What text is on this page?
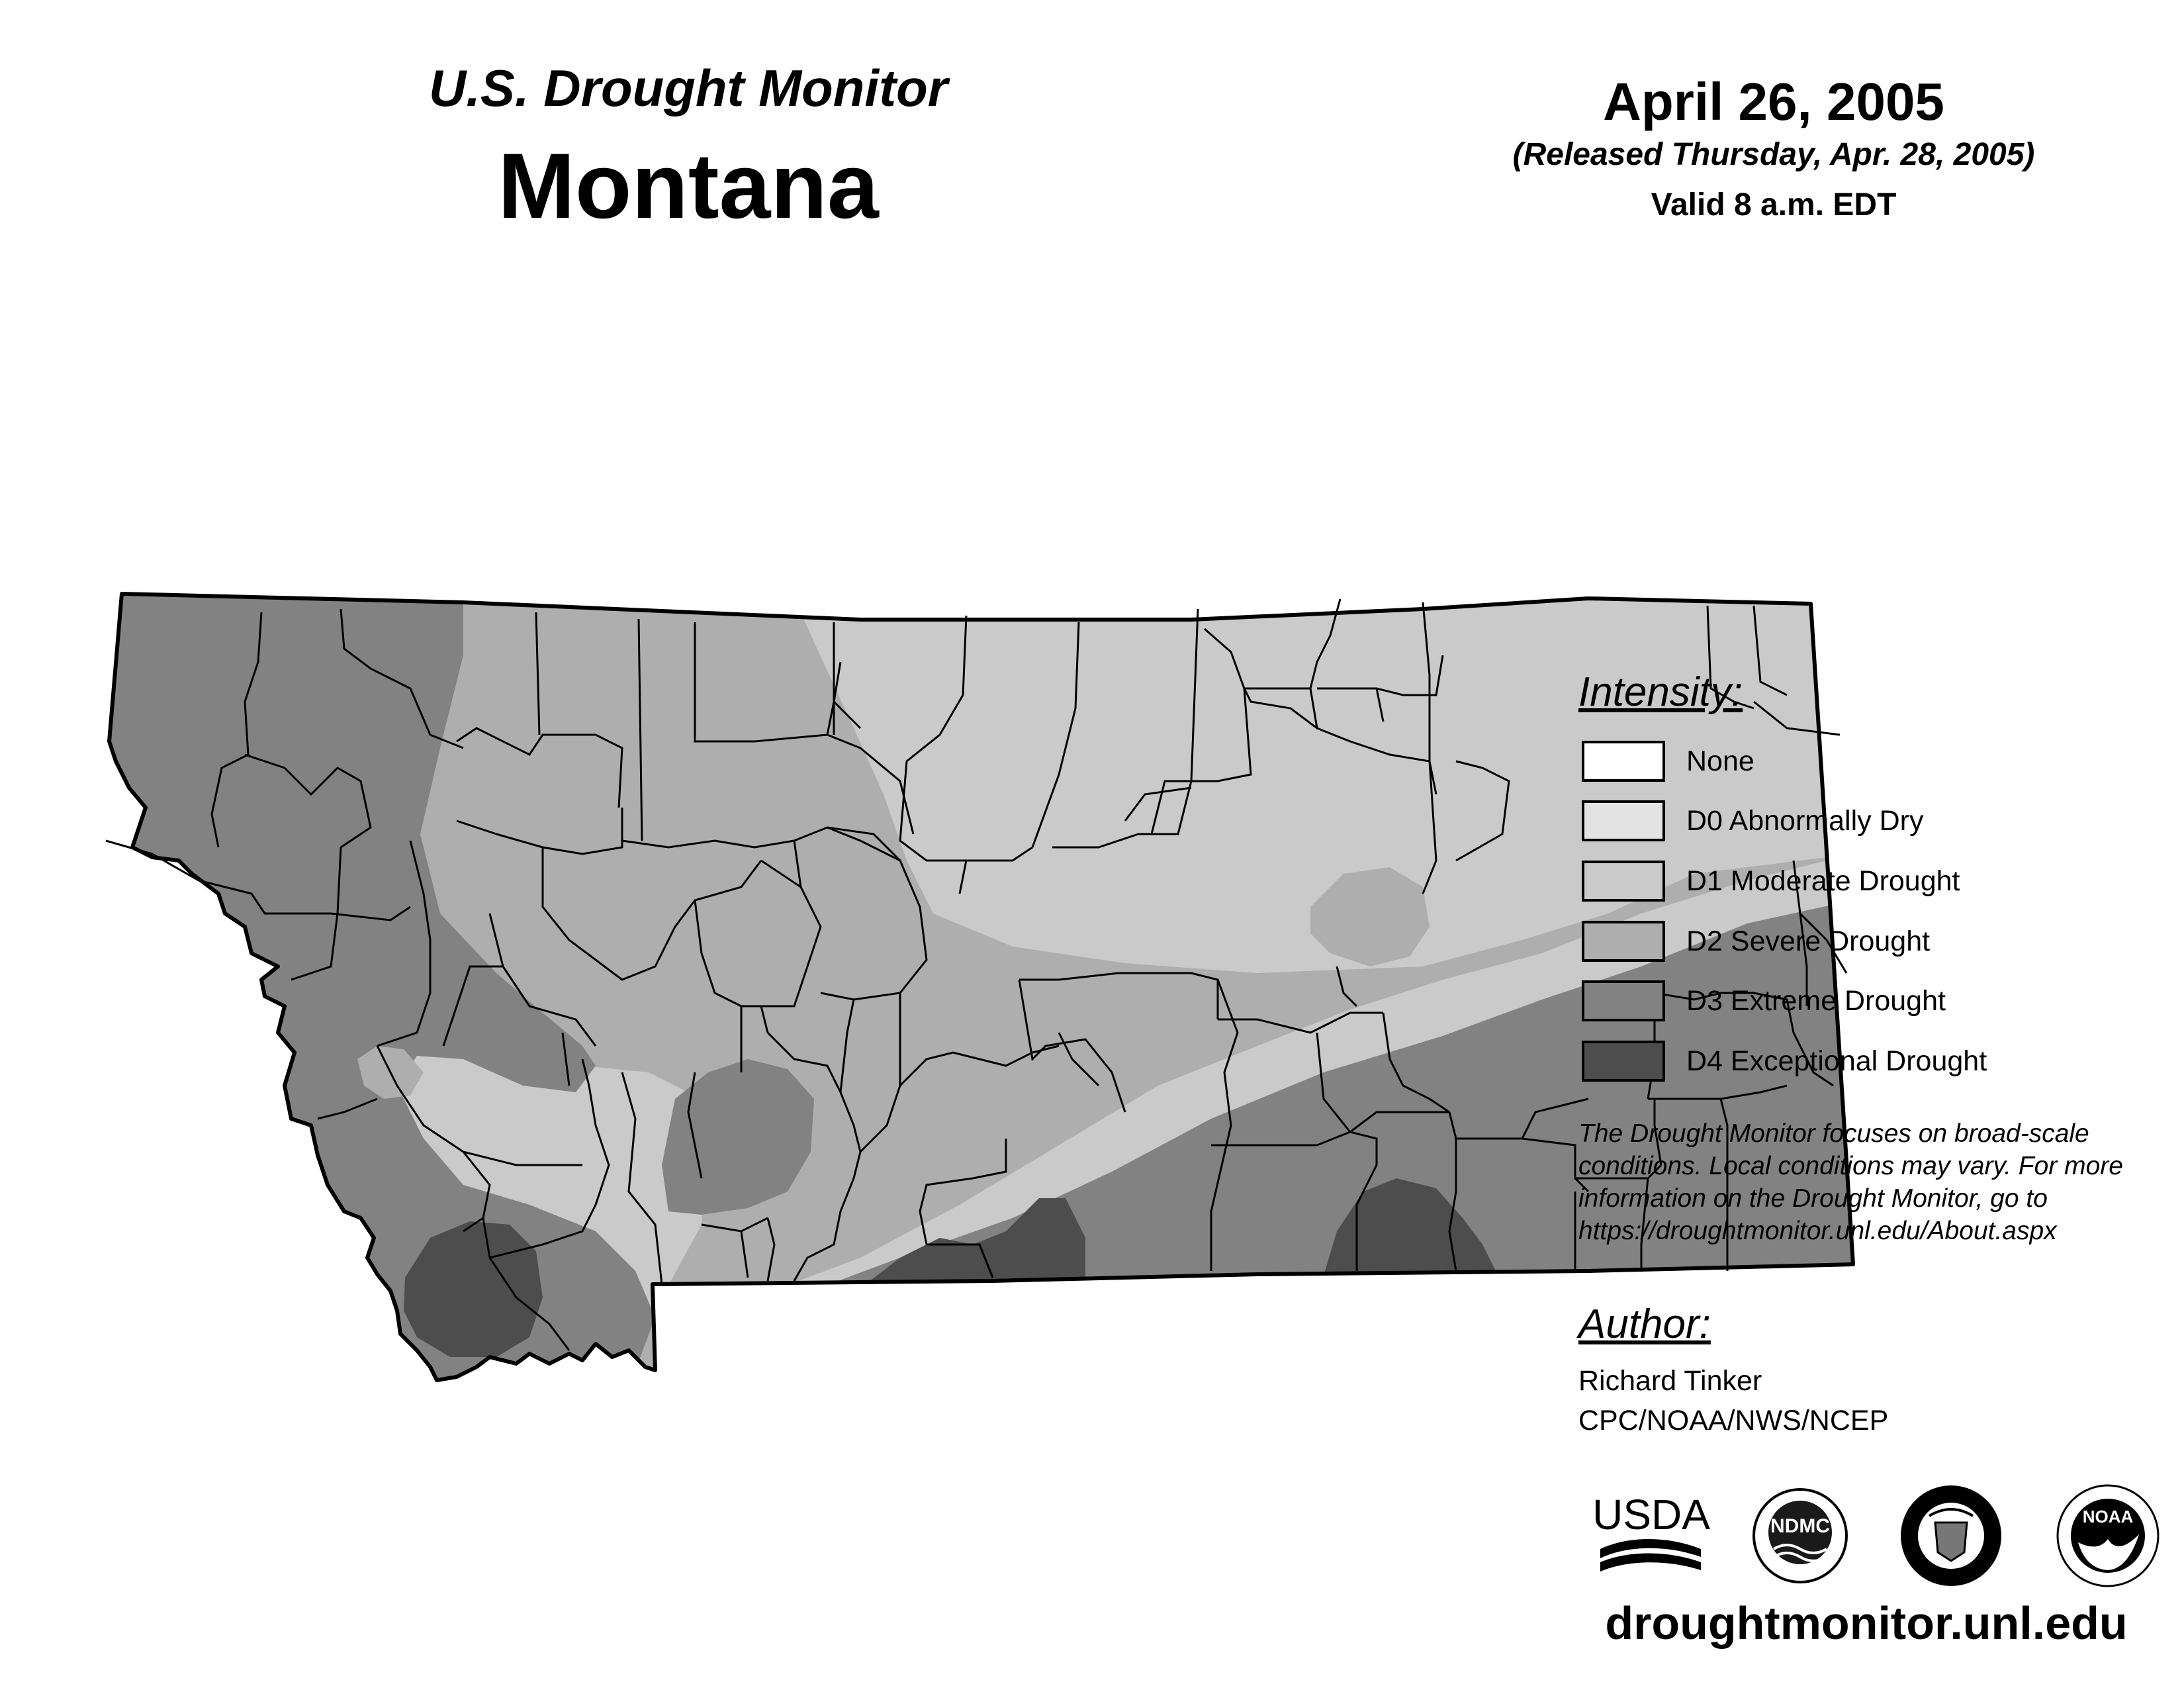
U.S. Drought Monitor
Montana
April 26, 2005
(Released Thursday, Apr. 28, 2005)
Valid 8 a.m. EDT
USDA	NDMC	NOAA
Intensity:
None
D0 Abnormally Dry
D1 Moderate Drought
D2 Severe Drought
D3 Extreme Drought
D4 Exceptional Drought
The Drought Monitor focuses on broad-scale
conditions. Local conditions may vary. For more
information on the Drought Monitor, go to
https://droughtmonitor.unl.edu/About.aspx
Author:
Richard Tinker
CPC/NOAA/NWS/NCEP
droughtmonitor.unl.edu
